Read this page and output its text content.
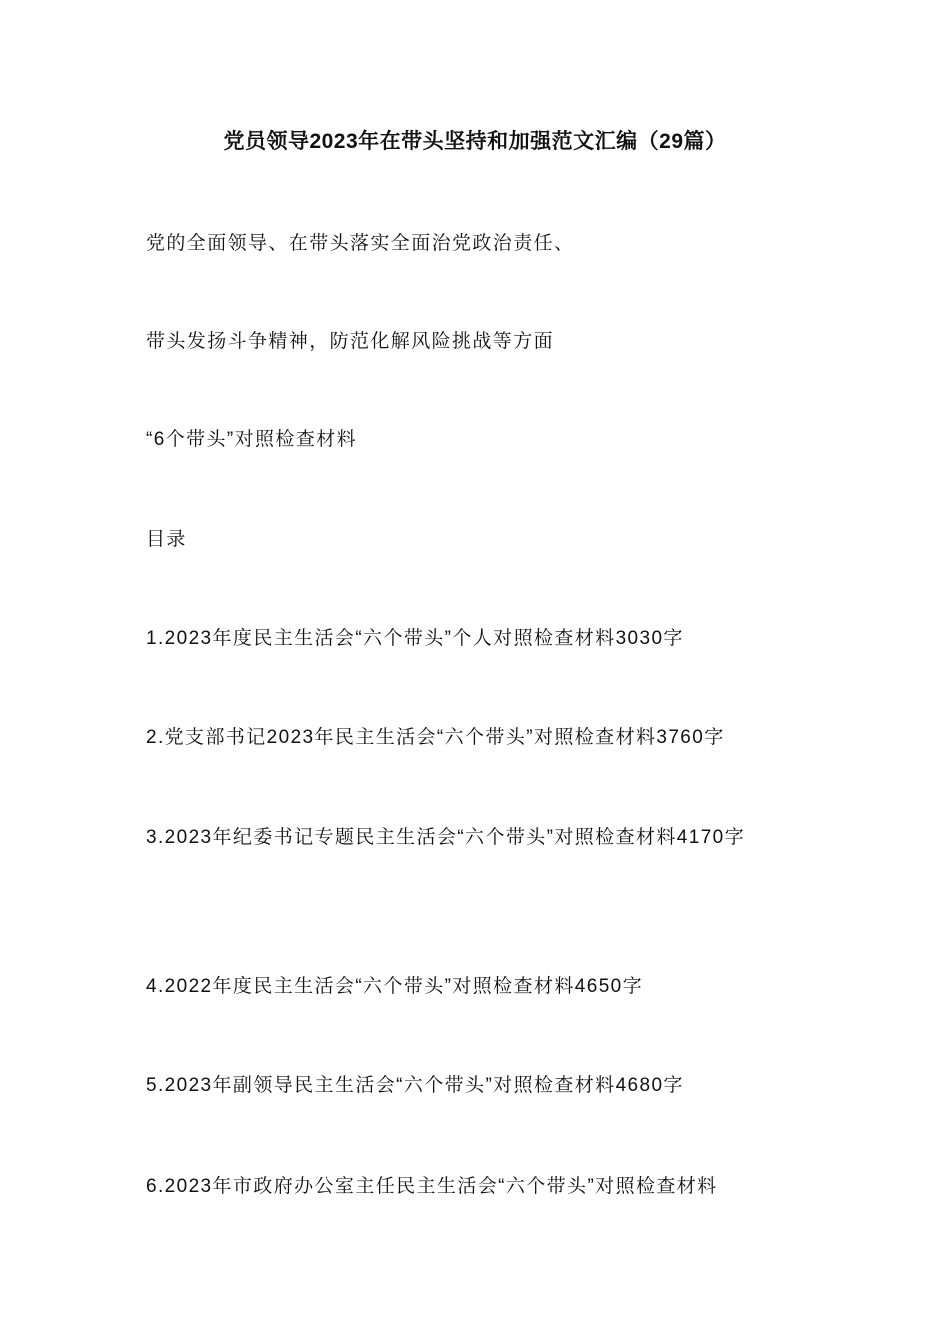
党员领导2023年在带头坚持和加强范文汇编（29篇）
党的全面领导、在带头落实全面治党政治责任、
带头发扬斗争精神，防范化解风险挑战等方面
“6个带头”对照检查材料
目录
1.2023年度民主生活会“六个带头”个人对照检查材料3030字
2.党支部书记2023年民主生活会“六个带头”对照检查材料3760字
3.2023年纪委书记专题民主生活会“六个带头”对照检查材料4170字
4.2022年度民主生活会“六个带头”对照检查材料4650字
5.2023年副领导民主生活会“六个带头”对照检查材料4680字
6.2023年市政府办公室主任民主生活会“六个带头”对照检查材料
